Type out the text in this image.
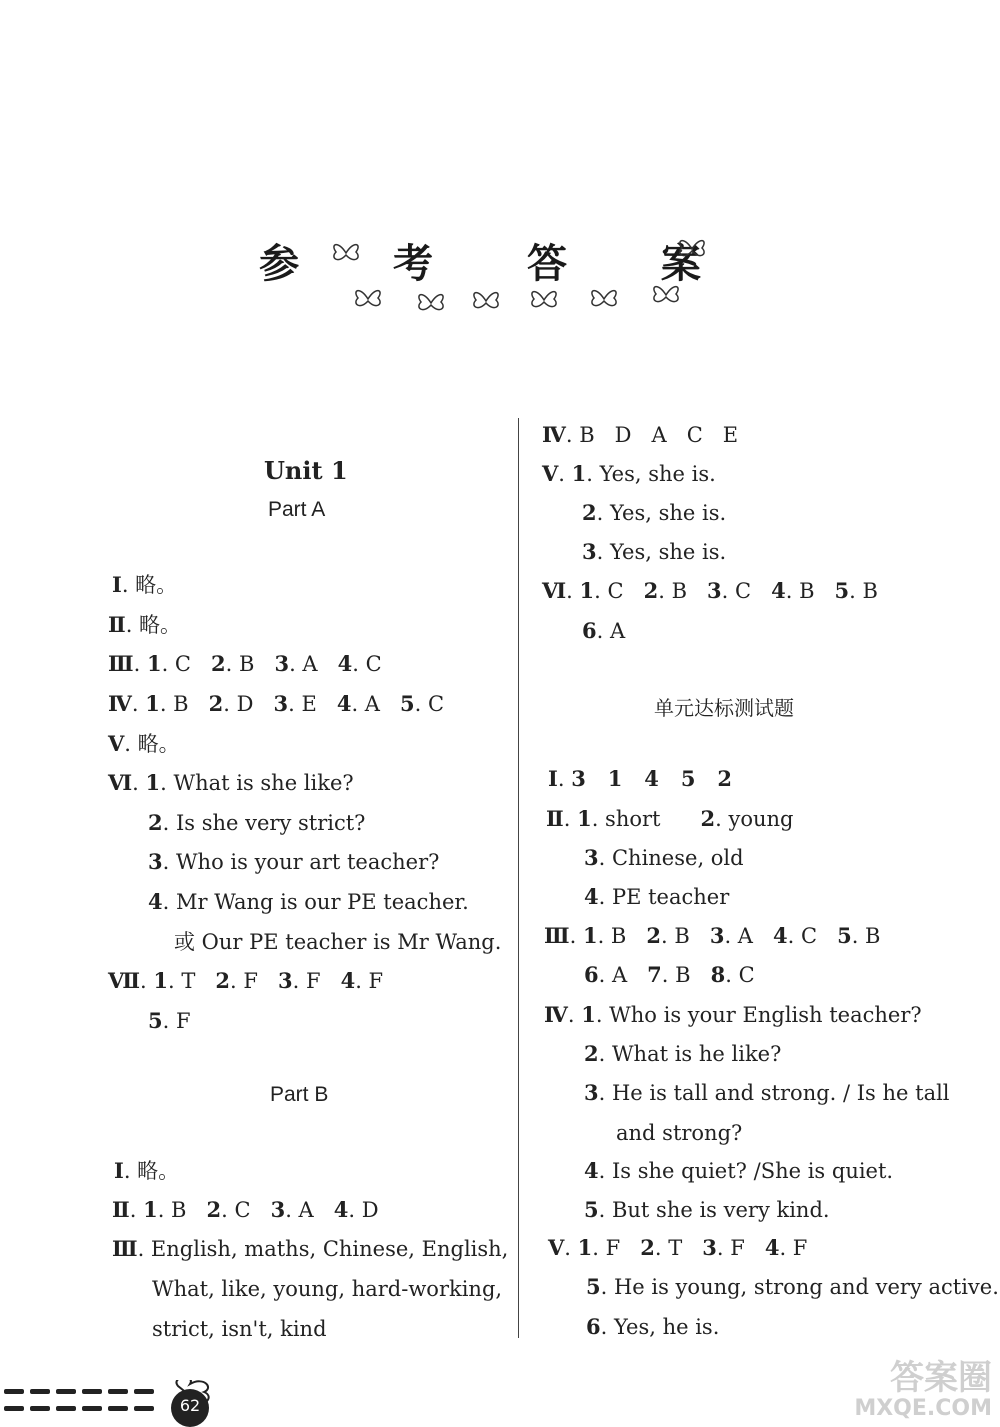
参 考 答 案
Unit 1
Part A
Ⅰ. 略。
Ⅱ. 略。
Ⅲ. 1. C   2. B   3. A   4. C
Ⅳ. 1. B   2. D   3. E   4. A   5. C
Ⅴ. 略。
Ⅵ. 1. What is she like?
2. Is she very strict?
3. Who is your art teacher?
4. Mr Wang is our PE teacher.
或 Our PE teacher is Mr Wang.
Ⅶ. 1. T   2. F   3. F   4. F
5. F
Part B
Ⅰ. 略。
Ⅱ. 1. B   2. C   3. A   4. D
Ⅲ. English, maths, Chinese, English,
What, like, young, hard-working,
strict, isn't, kind
Ⅳ. B   D   A   C   E
Ⅴ. 1. Yes, she is.
2. Yes, she is.
3. Yes, she is.
Ⅵ. 1. C   2. B   3. C   4. B   5. B
6. A
单元达标测试题
Ⅰ. 3   1   4   5   2
Ⅱ. 1. short      2. young
3. Chinese, old
4. PE teacher
Ⅲ. 1. B   2. B   3. A   4. C   5. B
6. A   7. B   8. C
Ⅳ. 1. Who is your English teacher?
2. What is he like?
3. He is tall and strong. / Is he tall
and strong?
4. Is she quiet? /She is quiet.
5. But she is very kind.
Ⅴ. 1. F   2. T   3. F   4. F
5. He is young, strong and very active.
6. Yes, he is.
62
答案圈
MXQE.COM
